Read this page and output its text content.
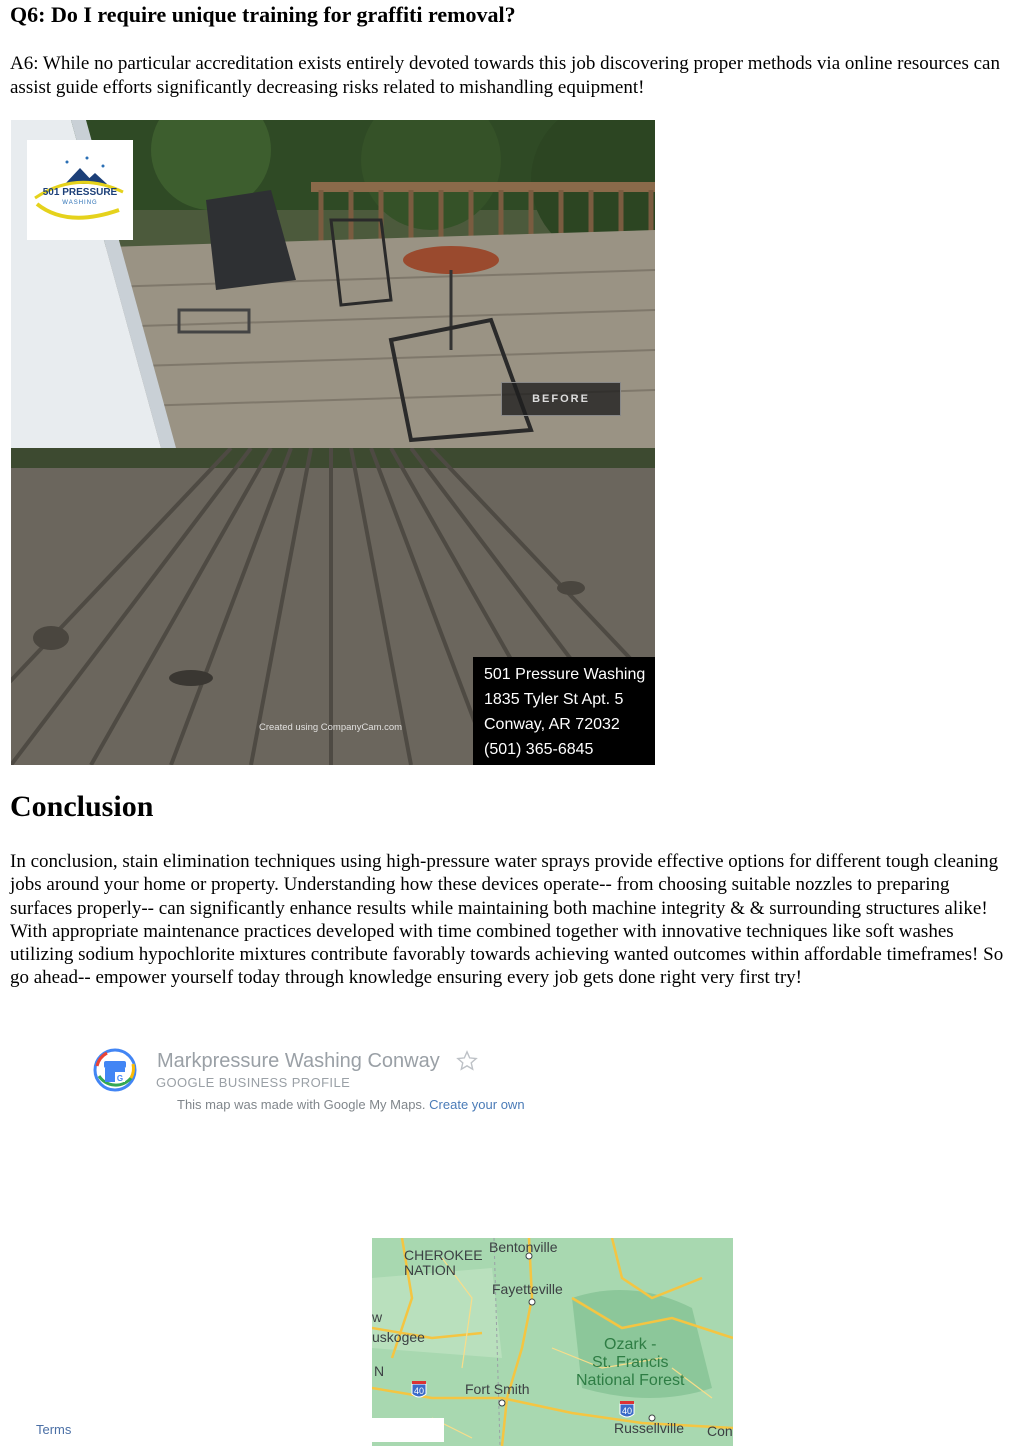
Q6: Do I require unique training for graffiti removal?

A6: While no particular accreditation exists entirely devoted towards this job discovering proper methods via online resources can assist guide efforts significantly decreasing risks related to mishandling equipment!

501 PRESSURE
WASHING
BEFORE
Created using CompanyCam.com
501 Pressure Washing
1835 Tyler St Apt. 5
Conway, AR 72032
(501) 365-6845
Conclusion

In conclusion, stain elimination techniques using high-pressure water sprays provide effective options for different tough cleaning jobs around your home or property. Understanding how these devices operate-- from choosing suitable nozzles to preparing surfaces properly-- can significantly enhance results while maintaining both machine integrity & & surrounding structures alike! With appropriate maintenance practices developed with time combined together with innovative techniques like soft washes utilizing sodium hypochlorite mixtures contribute favorably towards achieving wanted outcomes within affordable timeframes! So go ahead-- empower yourself today through knowledge ensuring every job gets done right very first try!

G
Markpressure Washing Conway
GOOGLE BUSINESS PROFILE
This map was made with Google My Maps. Create your own
CHEROKEE
NATION
Bentonville
Fayetteville
w
uskogee
N
40	Fort Smith
Ozark -
St. Francis
National Forest
40
Russellville Con
Terms
